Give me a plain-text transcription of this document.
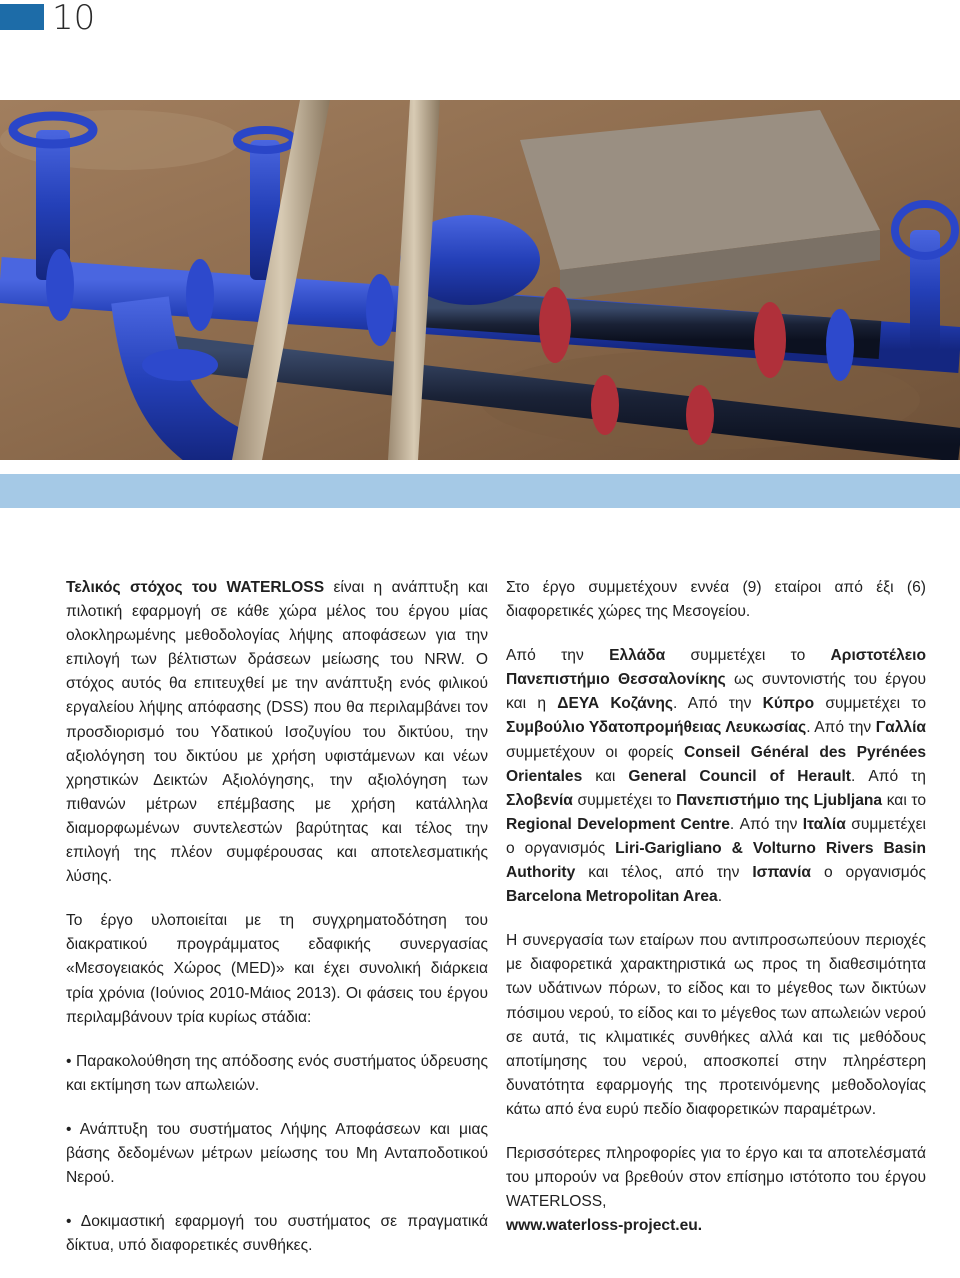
10

Τελικός στόχος του WATERLOSS είναι η ανάπτυξη και πιλοτική εφαρμογή σε κάθε χώρα μέλος του έργου μίας ολοκληρωμένης μεθοδολογίας λήψης αποφάσεων για την επιλογή των βέλτιστων δράσεων μείωσης του NRW. Ο στόχος αυτός θα επιτευχθεί με την ανάπτυξη ενός φιλικού εργαλείου λήψης απόφασης (DSS) που θα περιλαμβάνει τον προσδιορισμό του Υδατικού Ισοζυγίου του δικτύου, την αξιολόγηση του δικτύου με χρήση υφιστάμενων και νέων χρηστικών Δεικτών Αξιολόγησης, την αξιολόγηση των πιθανών μέτρων επέμβασης με χρήση κατάλληλα διαμορφωμένων συντελεστών βαρύτητας και τέλος την επιλογή της πλέον συμφέρουσας και αποτελεσματικής λύσης.

Το έργο υλοποιείται με τη συγχρηματοδότηση του διακρατικού προγράμματος εδαφικής συνεργασίας «Μεσογειακός Χώρος (MED)» και έχει συνολική διάρκεια τρία χρόνια (Ιούνιος 2010-Μάιος 2013). Οι φάσεις του έργου περιλαμβάνουν τρία κυρίως στάδια:

• Παρακολούθηση της απόδοσης ενός συστήματος ύδρευσης και εκτίμηση των απωλειών.
• Ανάπτυξη του συστήματος Λήψης Αποφάσεων και μιας βάσης δεδομένων μέτρων μείωσης του Μη Ανταποδοτικού Νερού.
• Δοκιμαστική εφαρμογή του συστήματος σε πραγματικά δίκτυα, υπό διαφορετικές συνθήκες.

Στο έργο συμμετέχουν εννέα (9) εταίροι από έξι (6) διαφορετικές χώρες της Μεσογείου.

Από την Ελλάδα συμμετέχει το Αριστοτέλειο Πανεπιστήμιο Θεσσαλονίκης ως συντονιστής του έργου και η ΔΕΥΑ Κοζάνης. Από την Κύπρο συμμετέχει το Συμβούλιο Υδατοπρομήθειας Λευκωσίας. Από την Γαλλία συμμετέχουν οι φορείς Conseil Général des Pyrénées Orientales και General Council of Herault. Από τη Σλοβενία συμμετέχει το Πανεπιστήμιο της Ljubljana και το Regional Development Centre. Από την Ιταλία συμμετέχει ο οργανισμός Liri-Garigliano & Volturno Rivers Basin Authority και τέλος, από την Ισπανία ο οργανισμός Barcelona Metropolitan Area.

Η συνεργασία των εταίρων που αντιπροσωπεύουν περιοχές με διαφορετικά χαρακτηριστικά ως προς τη διαθεσιμότητα των υδάτινων πόρων, το είδος και το μέγεθος των δικτύων πόσιμου νερού, το είδος και το μέγεθος των απωλειών νερού σε αυτά, τις κλιματικές συνθήκες αλλά και τις μεθόδους αποτίμησης του νερού, αποσκοπεί στην πληρέστερη δυνατότητα εφαρμογής της προτεινόμενης μεθοδολογίας κάτω από ένα ευρύ πεδίο διαφορετικών παραμέτρων.

Περισσότερες πληροφορίες για το έργο και τα αποτελέσματά του μπορούν να βρεθούν στον επίσημο ιστότοπο του έργου WATERLOSS,
www.waterloss-project.eu.
